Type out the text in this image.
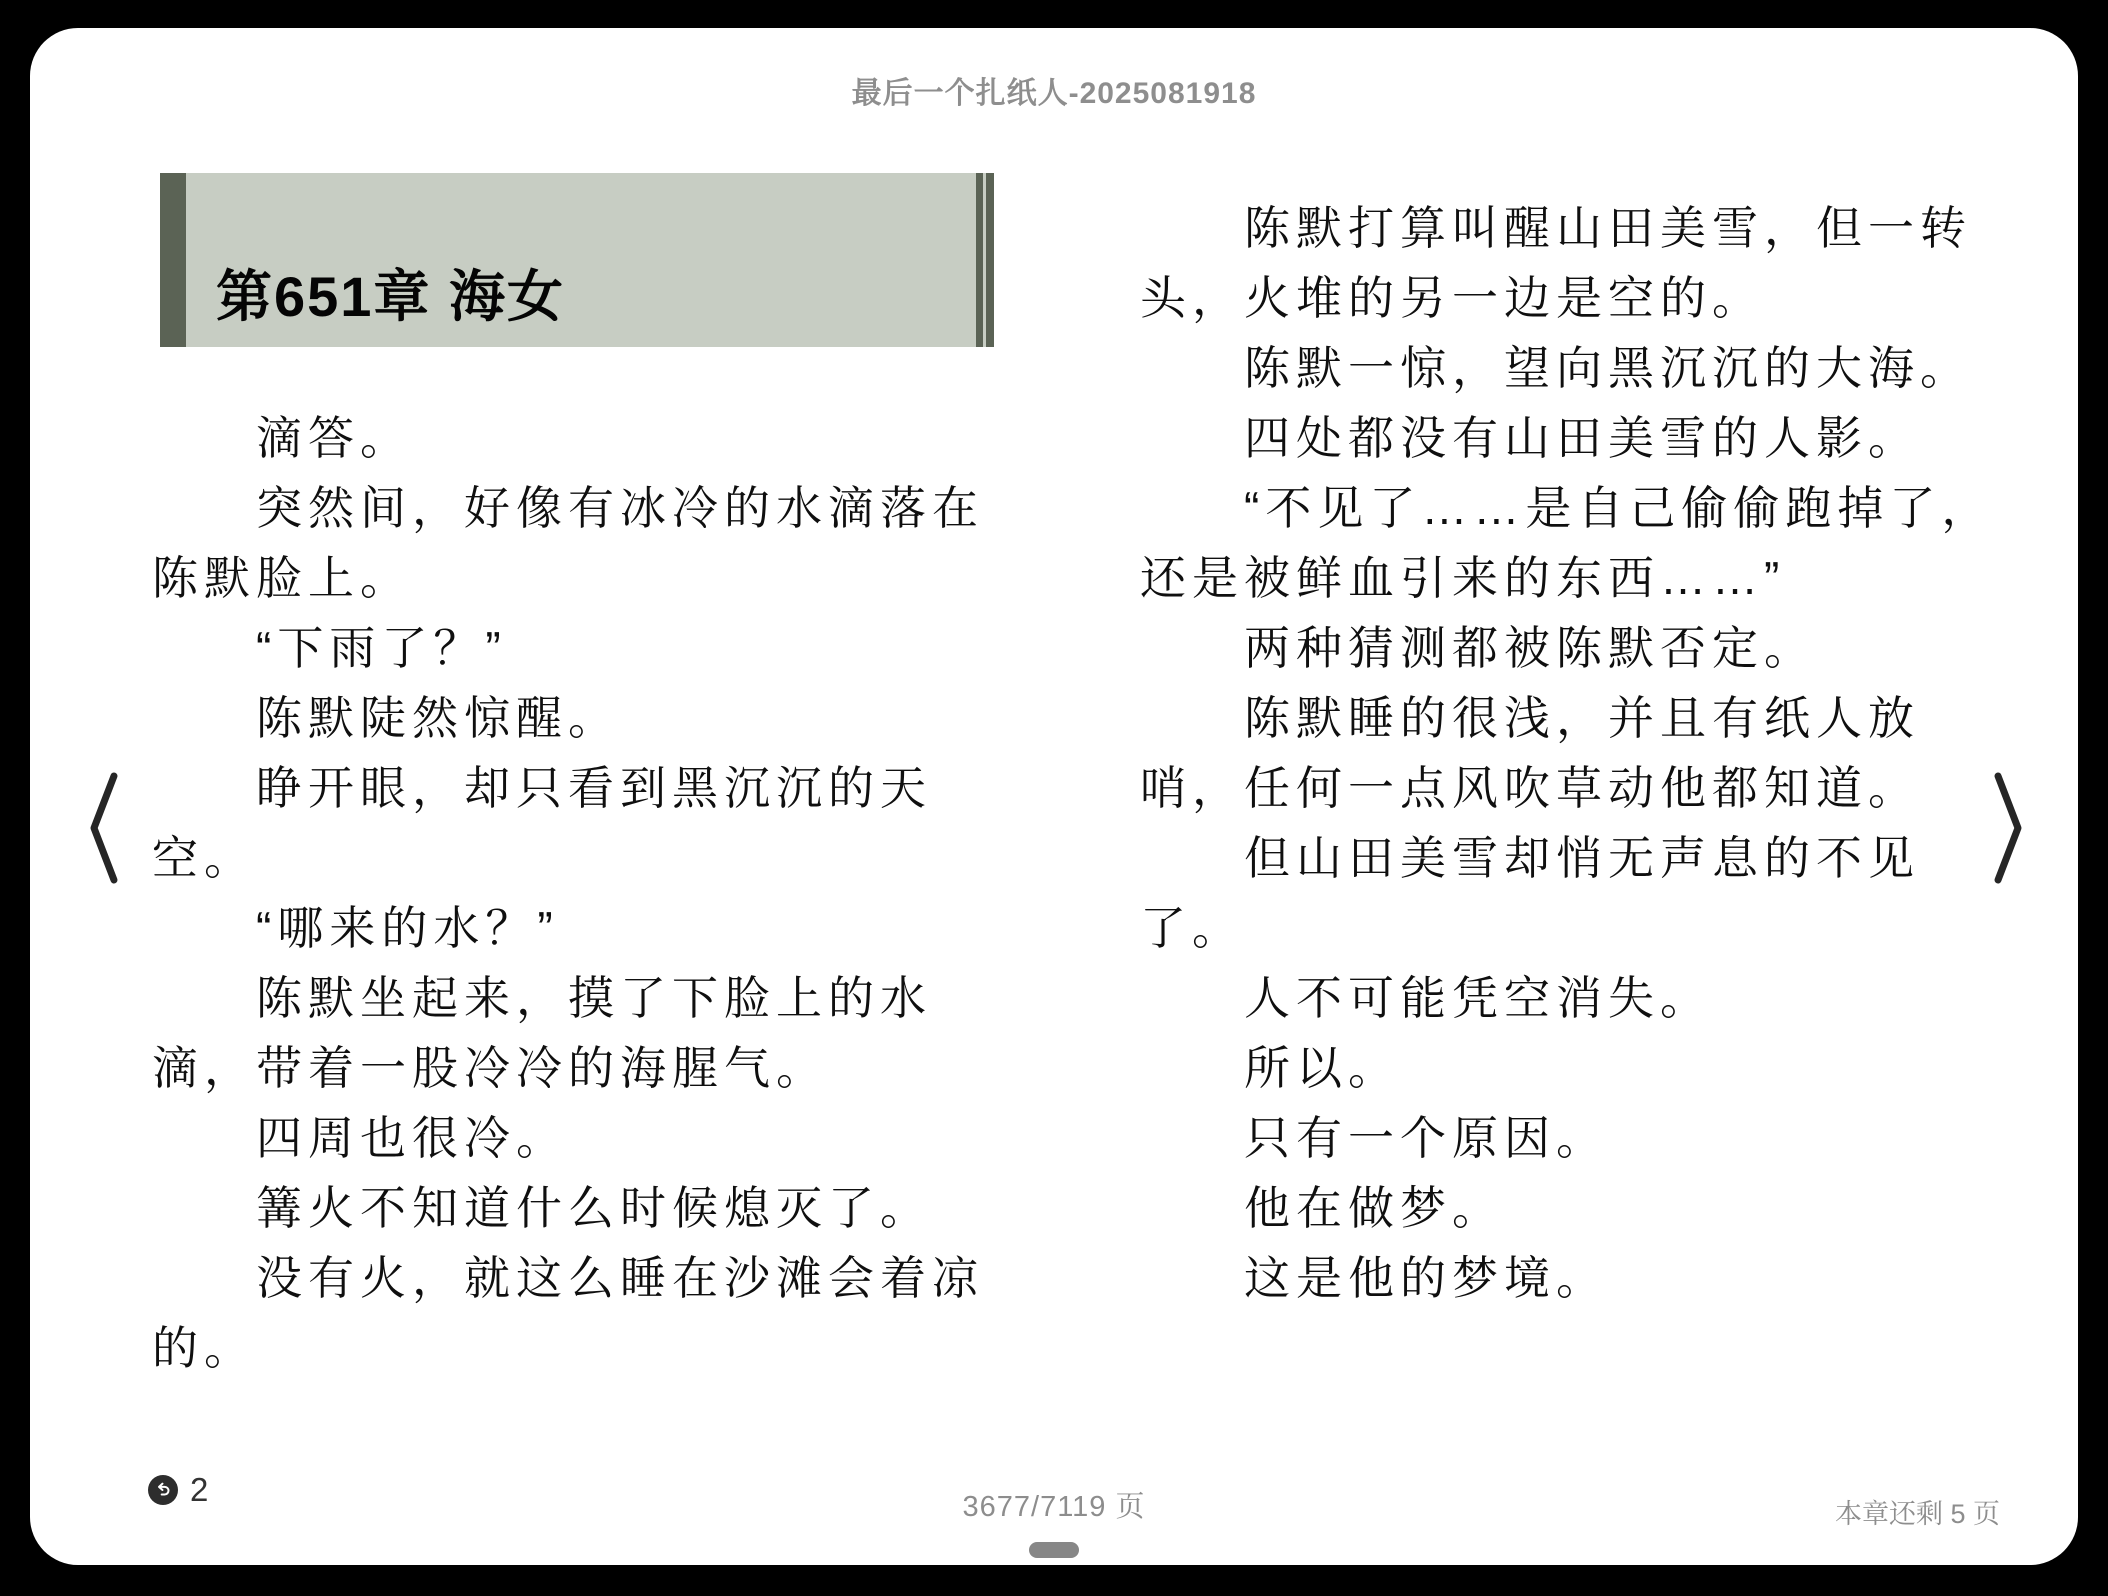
最后一个扎纸人-2025081918
第651章 海女
　　滴答。
　　突然间，好像有冰冷的水滴落在
陈默脸上。
　　“下雨了？”
　　陈默陡然惊醒。
　　睁开眼，却只看到黑沉沉的天
空。
　　“哪来的水？”
　　陈默坐起来，摸了下脸上的水
滴，带着一股冷冷的海腥气。
　　四周也很冷。
　　篝火不知道什么时候熄灭了。
　　没有火，就这么睡在沙滩会着凉
的。
　　陈默打算叫醒山田美雪，但一转
头，火堆的另一边是空的。
　　陈默一惊，望向黑沉沉的大海。
　　四处都没有山田美雪的人影。
　　“不见了……是自己偷偷跑掉了，
还是被鲜血引来的东西……”
　　两种猜测都被陈默否定。
　　陈默睡的很浅，并且有纸人放
哨，任何一点风吹草动他都知道。
　　但山田美雪却悄无声息的不见
了。
　　人不可能凭空消失。
　　所以。
　　只有一个原因。
　　他在做梦。
　　这是他的梦境。
2	3677/7119 页	本章还剩 5 页
